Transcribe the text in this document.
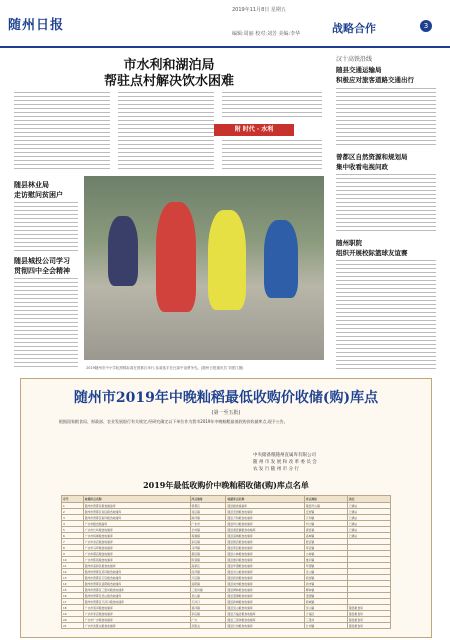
随州日报
2019年11月8日 星期五
编辑:周丽 校对:刘芳 美编:李华	战略合作	3
市水利和湖泊局
帮驻点村解决饮水困难
附 时代 · 水利
2019随州市中小学轮滑锦标赛在曾都区举行,参赛选手在比赛中奋勇争先。(随州日报通讯员 刘建江摄)
随县林业局
走访慰问贫困户
随县城投公司学习
贯彻四中全会精神
汉十高铁沿线
随县交通运输局
积极应对旅客道路交通出行
曾都区自然资源和规划局
集中收看电视问政
随州职院
组织开展校际篮球友谊赛
随州市2019年中晚籼稻最低收购价收储(购)库点
(第一至五批)
根据国家粮食局、财政部、农业发展银行有关规定,经研究确定以下单位作为我市2019年中晚籼稻最低收购价收储库点,现予公告。
中央储备粮随州直属库有限公司
随 州 市 发 展 和 改 革 委 员 会
农 发 行 随 州 市 分 行
2019年最低收购价中晚籼稻收储(购)库点名单
序号	收储库点名称	库点地址	收储库点名称	库点地址	备注
1	随州市曾都区粮食储备库	曾都区	随县粮食储备库	随县厉山镇	已确认
2	随州市曾都区何店粮食收储库	何店镇	随县安居粮食收储库	安居镇	已确认
3	随州市曾都区淅河粮食收储库	淅河镇	随县万和粮食收储库	万和镇	已确认
4	广水市粮食储备库	广水市	随县均川粮食收储库	均川镇	已确认
5	广水市长岭粮食收储库	长岭镇	随县唐县镇粮食收储库	唐县镇	已确认
6	广水市杨寨粮食收储库	杨寨镇	随县高城粮食收储库	高城镇	已确认
7	广水市余店粮食收储库	余店镇	随县殷店粮食收储库	殷店镇	
8	广水市马坪粮食收储库	马坪镇	随县草店粮食收储库	草店镇	
9	广水市郝店粮食收储库	郝店镇	随县小林粮食收储库	小林镇	
10	广水市陈巷粮食收储库	陈巷镇	随县淮河粮食收储库	淮河镇	
11	随州市高新区粮食收储库	高新区	随县环潭粮食收储库	环潭镇	
12	随州市曾都区府河粮食收储库	府河镇	随县洪山粮食收储库	洪山镇	
13	随州市曾都区万店粮食收储库	万店镇	随县新街粮食收储库	新街镇	
14	随州市曾都区洛阳粮食收储库	洛阳镇	随县尚市粮食收储库	尚市镇	
15	随州市曾都区三里岗粮食收储库	三里岗镇	随县柳林粮食收储库	柳林镇	
16	随州市曾都区吴山粮食收储库	吴山镇	随县澴潭粮食收储库	澴潭镇	
17	随州市曾都区天河口粮食收储库	天河口	随县新城粮食收储库	新城镇	
18	广水市蔡河粮食收储库	蔡河镇	随县吴山粮食收储库	吴山镇	随县粮食局
19	广水市李店粮食收储库	李店镇	随县万福店粮食收储库	万福店	随县粮食局
20	广水市广办粮食收储库	广办	随县三里岗粮食收储库	三里岗	随县粮食局
21	广水市武胜关粮食收储库	武胜关	随县长岗粮食收储库	长岗镇	随县粮食局
